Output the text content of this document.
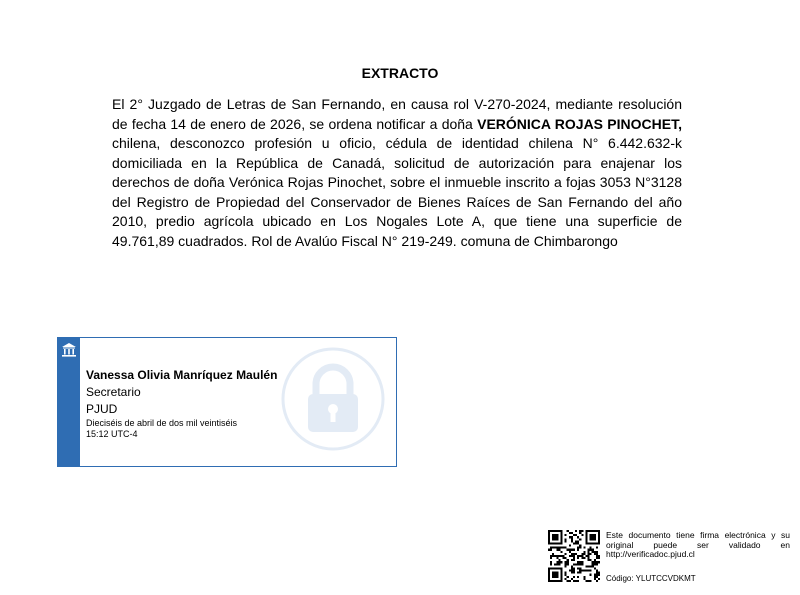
EXTRACTO
El 2° Juzgado de Letras de San Fernando, en causa rol V-270-2024, mediante resolución de fecha 14 de enero de 2026, se ordena notificar a doña VERÓNICA ROJAS PINOCHET, chilena, desconozco profesión u oficio, cédula de identidad chilena N° 6.442.632-k domiciliada en la República de Canadá, solicitud de autorización para enajenar los derechos de doña Verónica Rojas Pinochet, sobre el inmueble inscrito a fojas 3053 N°3128 del Registro de Propiedad del Conservador de Bienes Raíces de San Fernando del año 2010, predio agrícola ubicado en Los Nogales Lote A, que tiene una superficie de 49.761,89 cuadrados. Rol de Avalúo Fiscal N° 219-249. comuna de Chimbarongo
Vanessa Olivia Manríquez Maulén
Secretario
PJUD
Dieciséis de abril de dos mil veintiséis
15:12 UTC-4
Este documento tiene firma electrónica y su original puede ser validado en http://verificadoc.pjud.cl
Código: YLUTCCVDKMT
